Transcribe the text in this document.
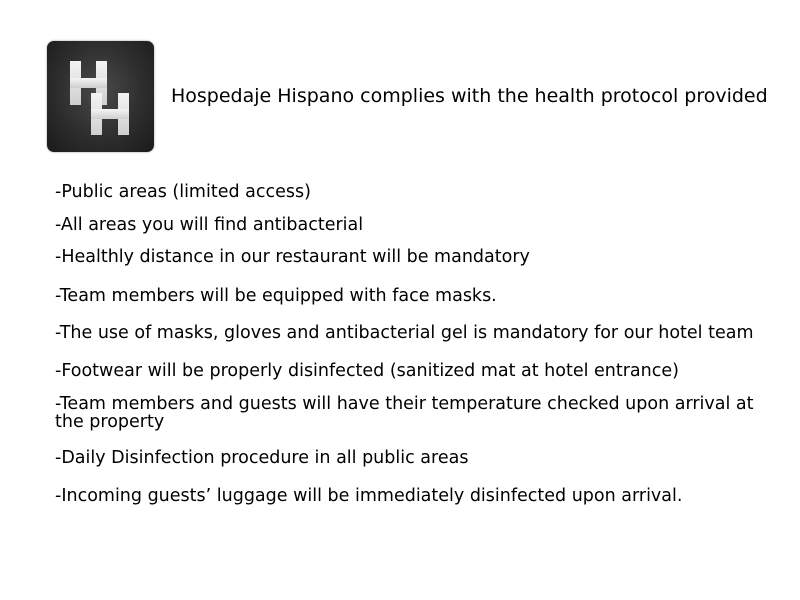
Hospedaje Hispano complies with the health protocol provided
-Public areas (limited access)
-All areas you will find antibacterial
-Healthly distance in our restaurant will be mandatory
-Team members will be equipped with face masks.
-The use of masks, gloves and antibacterial gel is mandatory for our hotel team
-Footwear will be properly disinfected (sanitized mat at hotel entrance)
-Team members and guests will have their temperature checked upon arrival at the property
-Daily Disinfection procedure in all public areas
-Incoming guests’ luggage will be immediately disinfected upon arrival.
